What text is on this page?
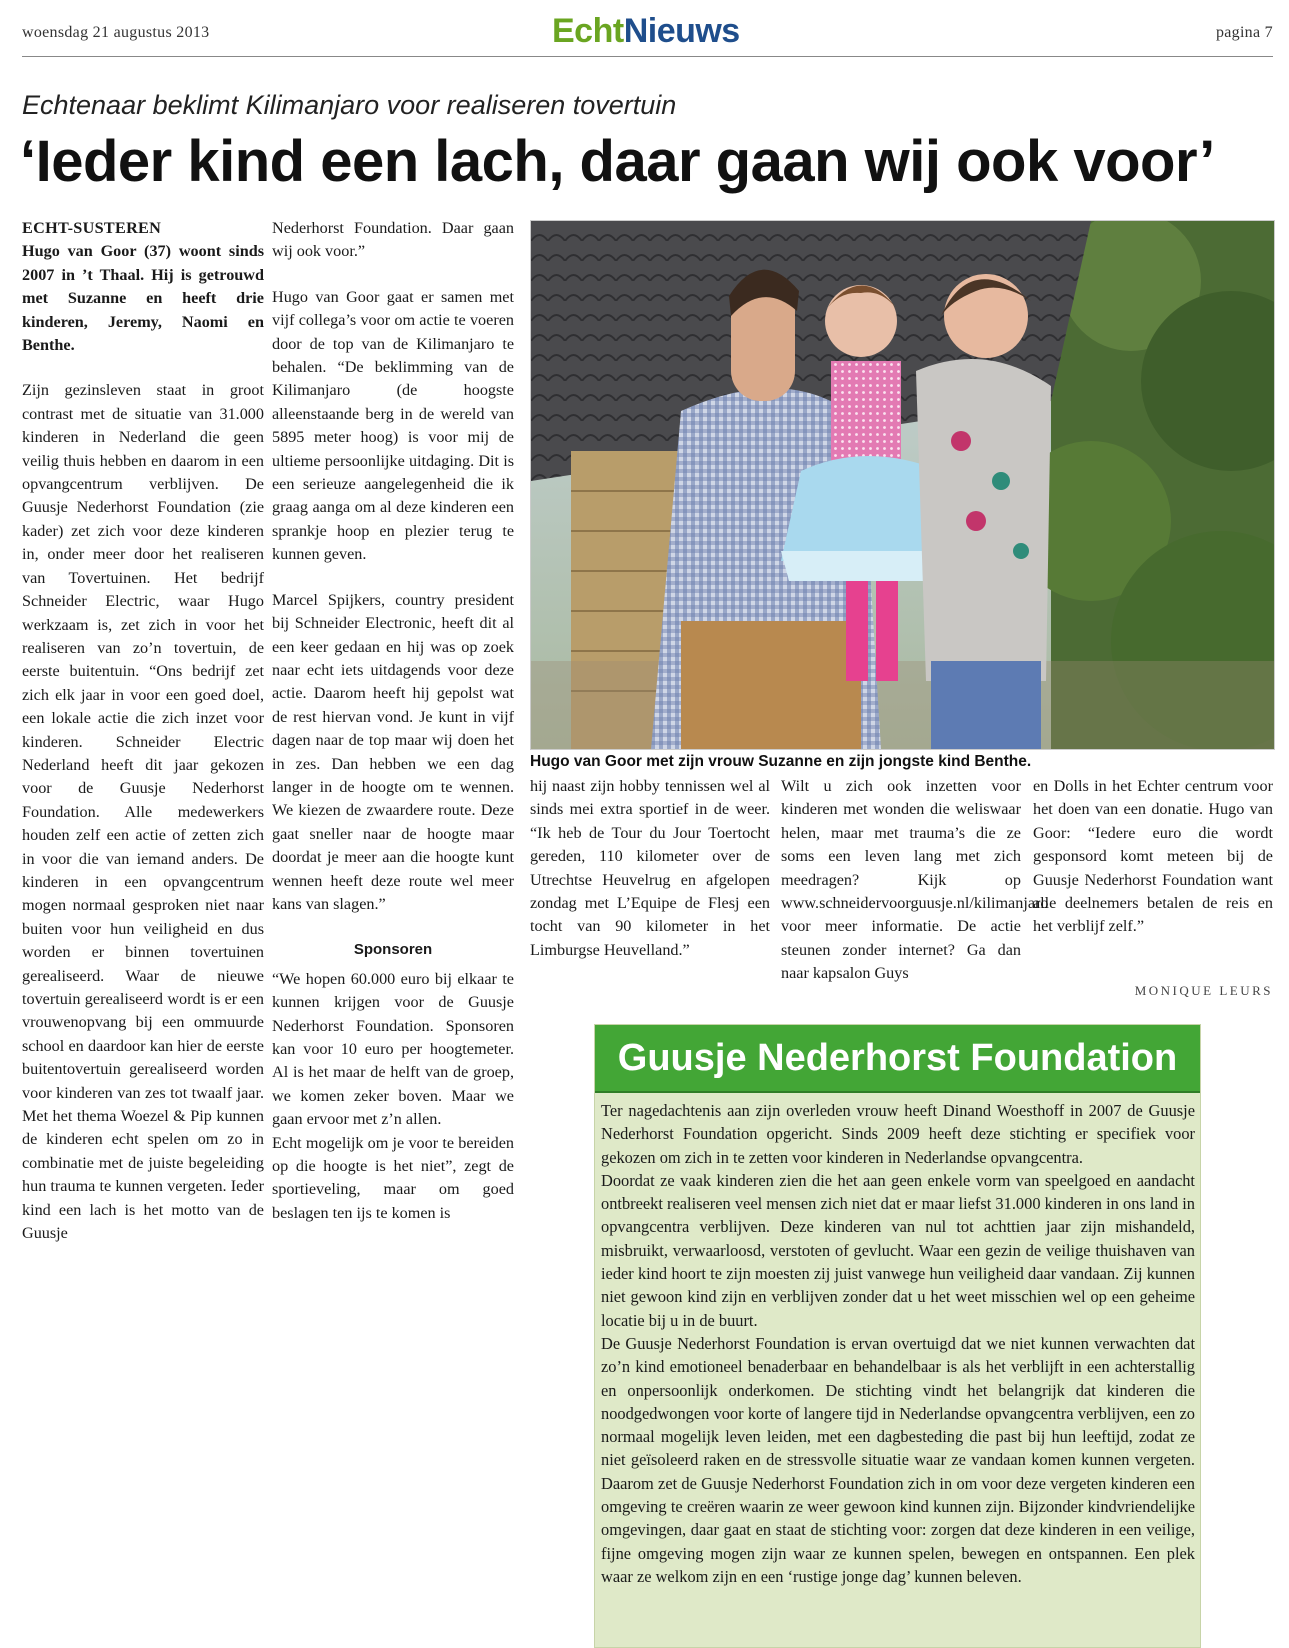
woensdag 21 augustus 2013	EchtNieuws	pagina 7
Echtenaar beklimt Kilimanjaro voor realiseren tovertuin
‘Ieder kind een lach, daar gaan wij ook voor’
ECHT-SUSTEREN

Hugo van Goor (37) woont sinds 2007 in ’t Thaal. Hij is getrouwd met Suzanne en heeft drie kinderen, Jeremy, Naomi en Benthe.

Zijn gezinsleven staat in groot contrast met de situatie van 31.000 kinderen in Nederland die geen veilig thuis hebben en daarom in een opvangcentrum verblijven. De Guusje Nederhorst Foundation (zie kader) zet zich voor deze kinderen in, onder meer door het realiseren van Tovertuinen. Het bedrijf Schneider Electric, waar Hugo werkzaam is, zet zich in voor het realiseren van zo’n tovertuin, de eerste buitentuin. “Ons bedrijf zet zich elk jaar in voor een goed doel, een lokale actie die zich inzet voor kinderen. Schneider Electric Nederland heeft dit jaar gekozen voor de Guusje Nederhorst Foundation. Alle medewerkers houden zelf een actie of zetten zich in voor die van iemand anders. De kinderen in een opvangcentrum mogen normaal gesproken niet naar buiten voor hun veiligheid en dus worden er binnen tovertuinen gerealiseerd. Waar de nieuwe tovertuin gerealiseerd wordt is er een vrouwenopvang bij een ommuurde school en daardoor kan hier de eerste buitentovertuin gerealiseerd worden voor kinderen van zes tot twaalf jaar. Met het thema Woezel & Pip kunnen de kinderen echt spelen om zo in combinatie met de juiste begeleiding hun trauma te kunnen vergeten. Ieder kind een lach is het motto van de Guusje

Nederhorst Foundation. Daar gaan wij ook voor.”

Hugo van Goor gaat er samen met vijf collega’s voor om actie te voeren door de top van de Kilimanjaro te behalen. “De beklimming van de Kilimanjaro (de hoogste alleenstaande berg in de wereld van 5895 meter hoog) is voor mij de ultieme persoonlijke uitdaging. Dit is een serieuze aangelegenheid die ik graag aanga om al deze kinderen een sprankje hoop en plezier terug te kunnen geven.

Marcel Spijkers, country president bij Schneider Electronic, heeft dit al een keer gedaan en hij was op zoek naar echt iets uitdagends voor deze actie. Daarom heeft hij gepolst wat de rest hiervan vond. Je kunt in vijf dagen naar de top maar wij doen het in zes. Dan hebben we een dag langer in de hoogte om te wennen. We kiezen de zwaardere route. Deze gaat sneller naar de hoogte maar doordat je meer aan die hoogte kunt wennen heeft deze route wel meer kans van slagen.”

Sponsoren

“We hopen 60.000 euro bij elkaar te kunnen krijgen voor de Guusje Nederhorst Foundation. Sponsoren kan voor 10 euro per hoogtemeter. Al is het maar de helft van de groep, we komen zeker boven. Maar we gaan ervoor met z’n allen.

Echt mogelijk om je voor te bereiden op die hoogte is het niet”, zegt de sportieveling, maar om goed beslagen ten ijs te komen is

Hugo van Goor met zijn vrouw Suzanne en zijn jongste kind Benthe.

hij naast zijn hobby tennissen wel al sinds mei extra sportief in de weer. “Ik heb de Tour du Jour Toertocht gereden, 110 kilometer over de Utrechtse Heuvelrug en afgelopen zondag met L’Equipe de Flesj een tocht van 90 kilometer in het Limburgse Heuvelland.”

Wilt u zich ook inzetten voor kinderen met wonden die weliswaar helen, maar met trauma’s die ze soms een leven lang met zich meedragen? Kijk op www.schneidervoorguusje.nl/kilimanjaro voor meer informatie. De actie steunen zonder internet? Ga dan naar kapsalon Guys

en Dolls in het Echter centrum voor het doen van een donatie. Hugo van Goor: “Iedere euro die wordt gesponsord komt meteen bij de Guusje Nederhorst Foundation want alle deelnemers betalen de reis en het verblijf zelf.”

MONIQUE LEURS
Guusje Nederhorst Foundation

Ter nagedachtenis aan zijn overleden vrouw heeft Dinand Woesthoff in 2007 de Guusje Nederhorst Foundation opgericht. Sinds 2009 heeft deze stichting er specifiek voor gekozen om zich in te zetten voor kinderen in Nederlandse opvangcentra.

Doordat ze vaak kinderen zien die het aan geen enkele vorm van speelgoed en aandacht ontbreekt realiseren veel mensen zich niet dat er maar liefst 31.000 kinderen in ons land in opvangcentra verblijven. Deze kinderen van nul tot achttien jaar zijn mishandeld, misbruikt, verwaarloosd, verstoten of gevlucht. Waar een gezin de veilige thuishaven van ieder kind hoort te zijn moesten zij juist vanwege hun veiligheid daar vandaan. Zij kunnen niet gewoon kind zijn en verblijven zonder dat u het weet misschien wel op een geheime locatie bij u in de buurt.

De Guusje Nederhorst Foundation is ervan overtuigd dat we niet kunnen verwachten dat zo’n kind emotioneel benaderbaar en behandelbaar is als het verblijft in een achterstallig en onpersoonlijk onderkomen. De stichting vindt het belangrijk dat kinderen die noodgedwongen voor korte of langere tijd in Nederlandse opvangcentra verblijven, een zo normaal mogelijk leven leiden, met een dagbesteding die past bij hun leeftijd, zodat ze niet geïsoleerd raken en de stressvolle situatie waar ze vandaan komen kunnen vergeten. Daarom zet de Guusje Nederhorst Foundation zich in om voor deze vergeten kinderen een omgeving te creëren waarin ze weer gewoon kind kunnen zijn. Bijzonder kindvriendelijke omgevingen, daar gaat en staat de stichting voor: zorgen dat deze kinderen in een veilige, fijne omgeving mogen zijn waar ze kunnen spelen, bewegen en ontspannen. Een plek waar ze welkom zijn en een ‘rustige jonge dag’ kunnen beleven.
